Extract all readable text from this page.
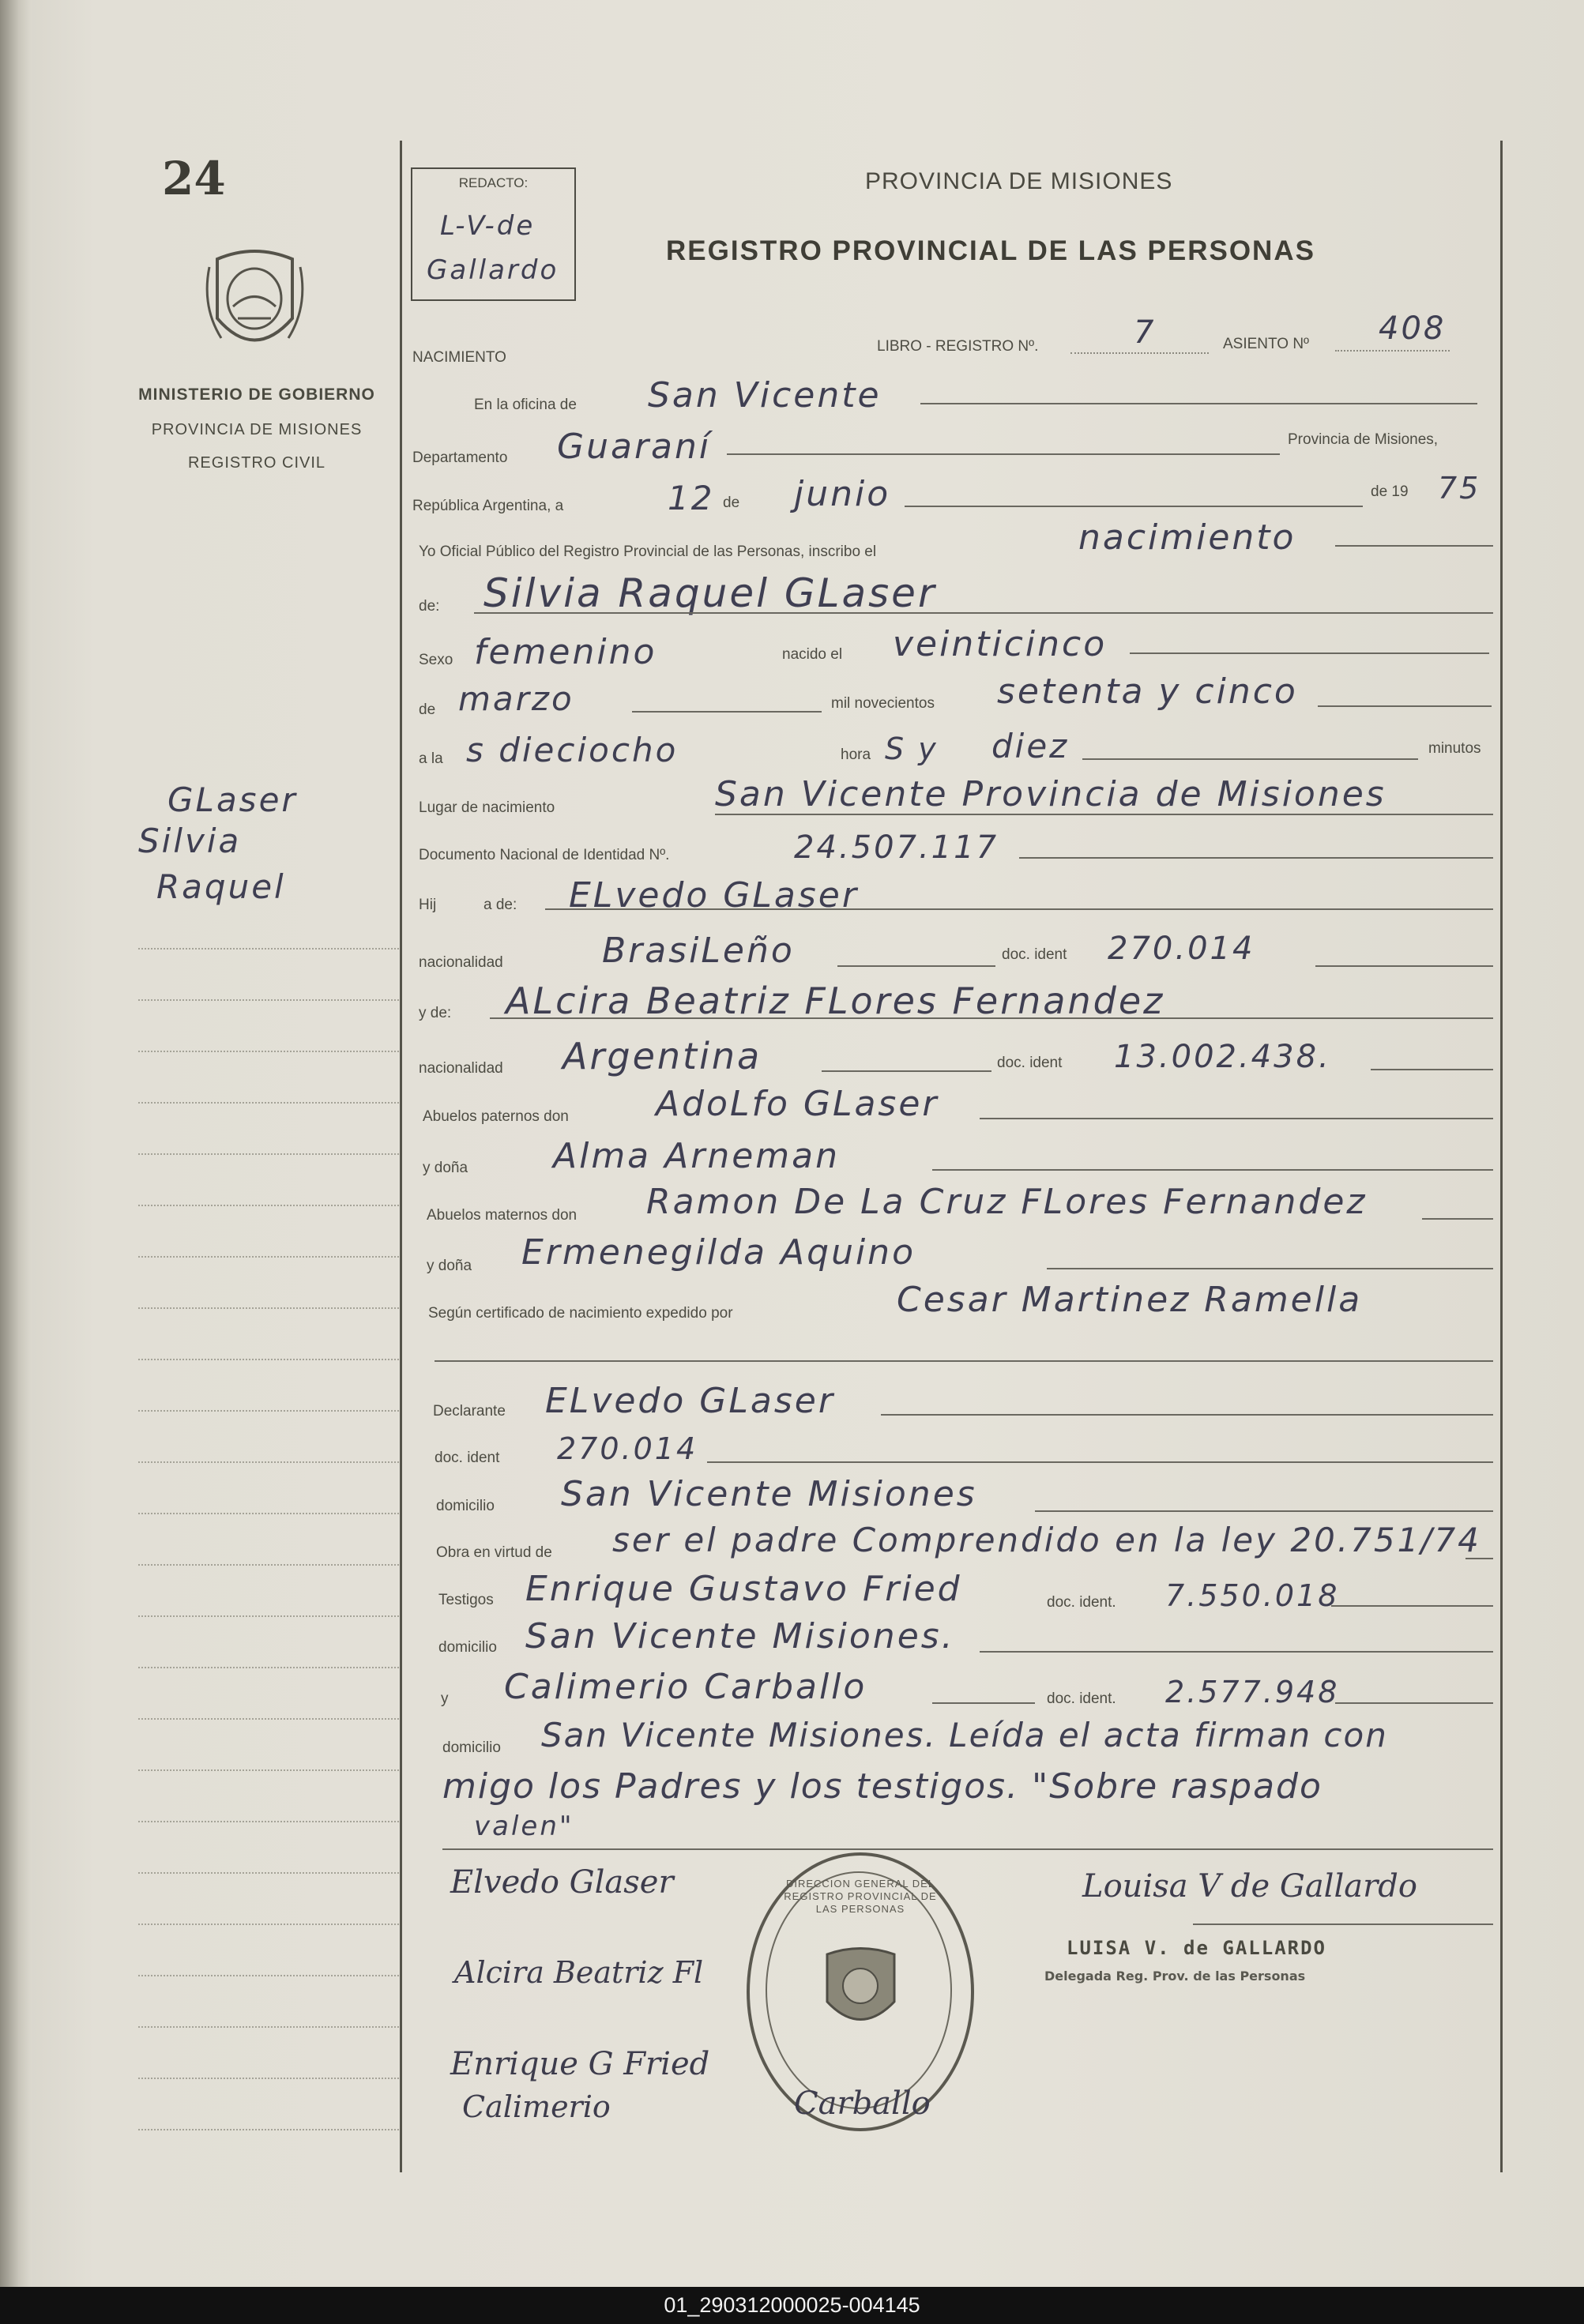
24
MINISTERIO DE GOBIERNO
PROVINCIA DE MISIONES
REGISTRO CIVIL
GLaser
Silvia
Raquel
REDACTO:
L-V-de
Gallardo
PROVINCIA DE MISIONES
REGISTRO PROVINCIAL DE LAS PERSONAS
NACIMIENTO
LIBRO - REGISTRO Nº.	7	ASIENTO Nº 408
En la oficina de San Vicente
Departamento Guaraní	Provincia de Misiones,
República Argentina, a	12 de junio	de 19 75
Yo Oficial Público del Registro Provincial de las Personas, inscribo el	nacimiento
de: Silvia Raquel GLaser
Sexo femenino	nacido el veinticinco
de marzo	mil novecientos setenta y cinco
a la s dieciocho	hora S y diez	minutos
Lugar de nacimiento	San Vicente Provincia de Misiones
Documento Nacional de Identidad Nº.	24.507.117
Hij	a de: ELvedo GLaser
nacionalidad	BrasiLeño	doc. ident 270.014
y de: ALcira Beatriz FLores Fernandez
nacionalidad Argentina	doc. ident 13.002.438.
Abuelos paternos don	AdoLfo GLaser
y doña Alma Arneman
Abuelos maternos don Ramon De La Cruz FLores Fernandez
y doña Ermenegilda Aquino
Según certificado de nacimiento expedido por	Cesar Martinez Ramella
Declarante ELvedo GLaser
doc. ident 270.014
domicilio San Vicente Misiones
Obra en virtud de ser el padre Comprendido en la ley 20.751/74
Testigos Enrique Gustavo Fried	doc. ident. 7.550.018
domicilio San Vicente Misiones.
y Calimerio Carballo	doc. ident. 2.577.948
domicilio San Vicente Misiones. Leída el acta firman con
migo los Padres y los testigos. "Sobre raspado
valen"
DIRECCION GENERAL DEL REGISTRO PROVINCIAL DE LAS PERSONAS
Elvedo Glaser
Alcira Beatriz Fl
Enrique G Fried
Calimerio	Carballo
Louisa V de Gallardo
LUISA V. de GALLARDO
Delegada Reg. Prov. de las Personas
01_290312000025-004145
